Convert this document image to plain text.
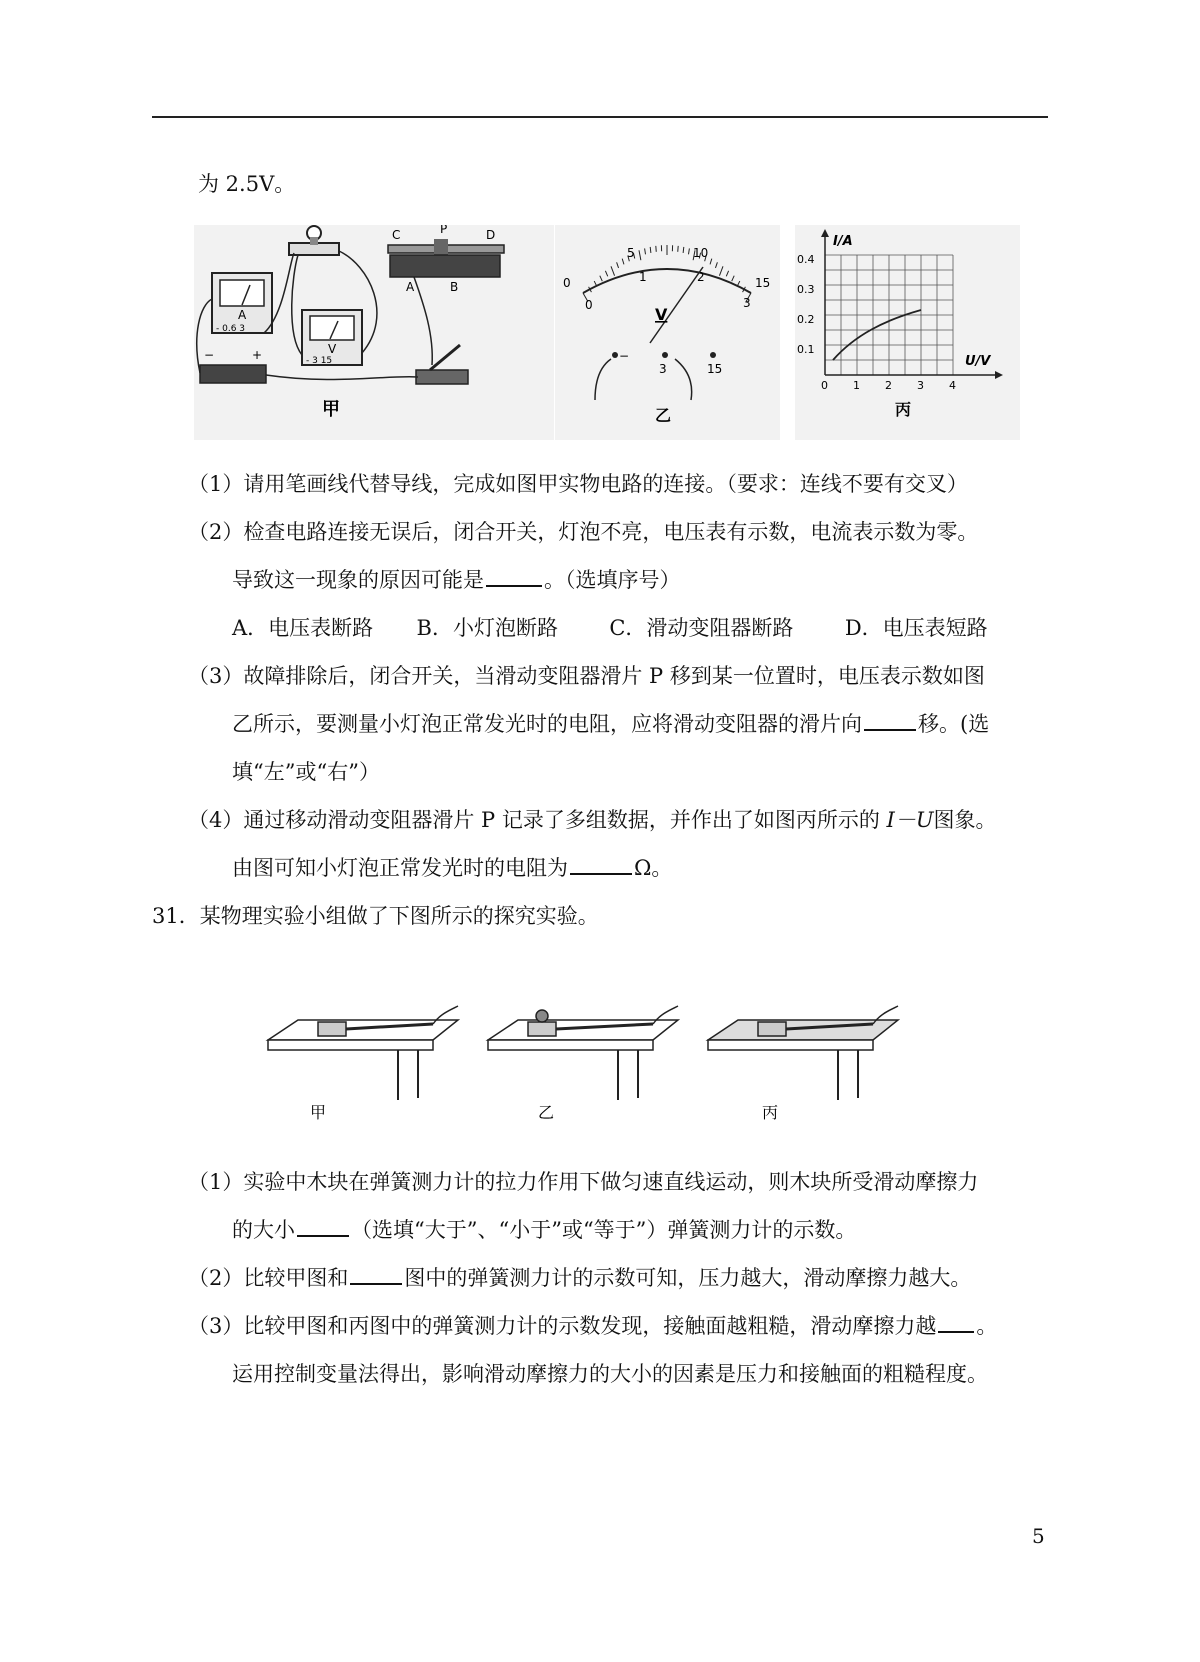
为 2.5V。
A
- 0.6 3
V
- 3 15
C	P	D
A	B
−	+
甲
0
5	10
15
0
1	2
3
V
−
3	15
乙
I/A
U/V
0.1
0.2
0.3
0.4
0 1 2 3 4
丙
（1）请用笔画线代替导线，完成如图甲实物电路的连接。（要求：连线不要有交叉）
（2）检查电路连接无误后，闭合开关，灯泡不亮，电压表有示数，电流表示数为零。
导致这一现象的原因可能是	。（选填序号）
A．电压表断路 B．小灯泡断路 C．滑动变阻器断路 D．电压表短路
（3）故障排除后，闭合开关，当滑动变阻器滑片 P 移到某一位置时，电压表示数如图
乙所示，要测量小灯泡正常发光时的电阻，应将滑动变阻器的滑片向	移。(选
填“左”或“右”）
（4）通过移动滑动变阻器滑片 P 记录了多组数据，并作出了如图丙所示的 I－U图象。
由图可知小灯泡正常发光时的电阻为	Ω。
31．某物理实验小组做了下图所示的探究实验。
甲	乙	丙
（1）实验中木块在弹簧测力计的拉力作用下做匀速直线运动，则木块所受滑动摩擦力
的大小	（选填“大于”、“小于”或“等于”）弹簧测力计的示数。
（2）比较甲图和	图中的弹簧测力计的示数可知，压力越大，滑动摩擦力越大。
（3）比较甲图和丙图中的弹簧测力计的示数发现，接触面越粗糙，滑动摩擦力越 。
运用控制变量法得出，影响滑动摩擦力的大小的因素是压力和接触面的粗糙程度。
5
